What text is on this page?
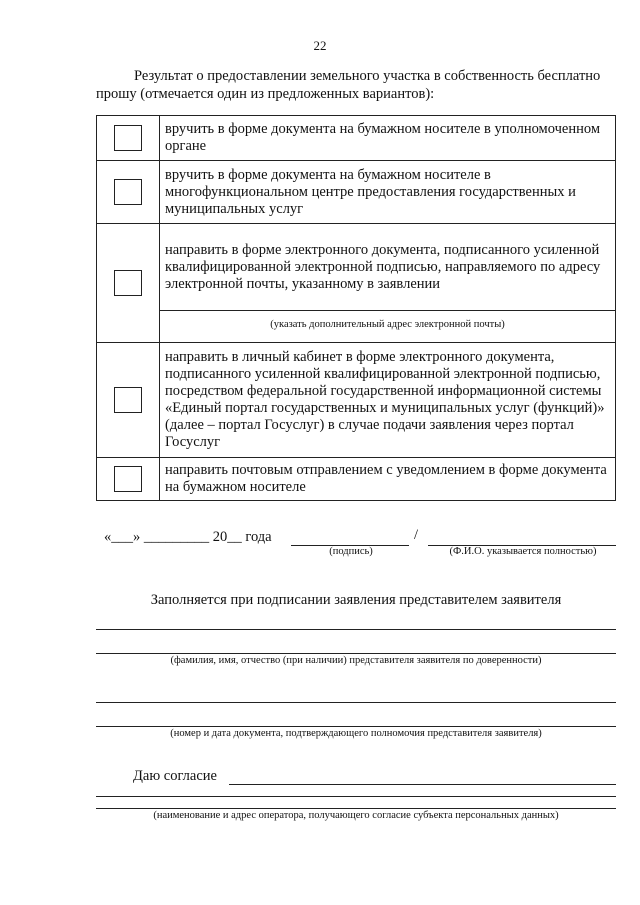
22
Результат о предоставлении земельного участка в собственность бесплатно прошу (отмечается один из предложенных вариантов):
	вручить в форме документа на бумажном носителе в уполномоченном органе

	вручить в форме документа на бумажном носителе в многофункциональном центре предоставления государственных и муниципальных услуг

	направить в форме электронного документа, подписанного усиленной квалифицированной электронной подписью, направляемого по адресу электронной почты, указанному в заявлении
	(указать дополнительный адрес электронной почты)

	направить в личный кабинет в форме электронного документа, подписанного усиленной квалифицированной электронной подписью, посредством федеральной государственной информационной системы «Единый портал государственных и муниципальных услуг (функций)» (далее – портал Госуслуг) в случае подачи заявления через портал Госуслуг

	направить почтовым отправлением с уведомлением в форме документа на бумажном носителе
«___» _________ 20__ года	/
(подпись)	(Ф.И.О. указывается полностью)
Заполняется при подписании заявления представителем заявителя
(фамилия, имя, отчество (при наличии) представителя заявителя по доверенности)
(номер и дата документа, подтверждающего полномочия представителя заявителя)
Даю согласие
(наименование и адрес оператора, получающего согласие субъекта персональных данных)
